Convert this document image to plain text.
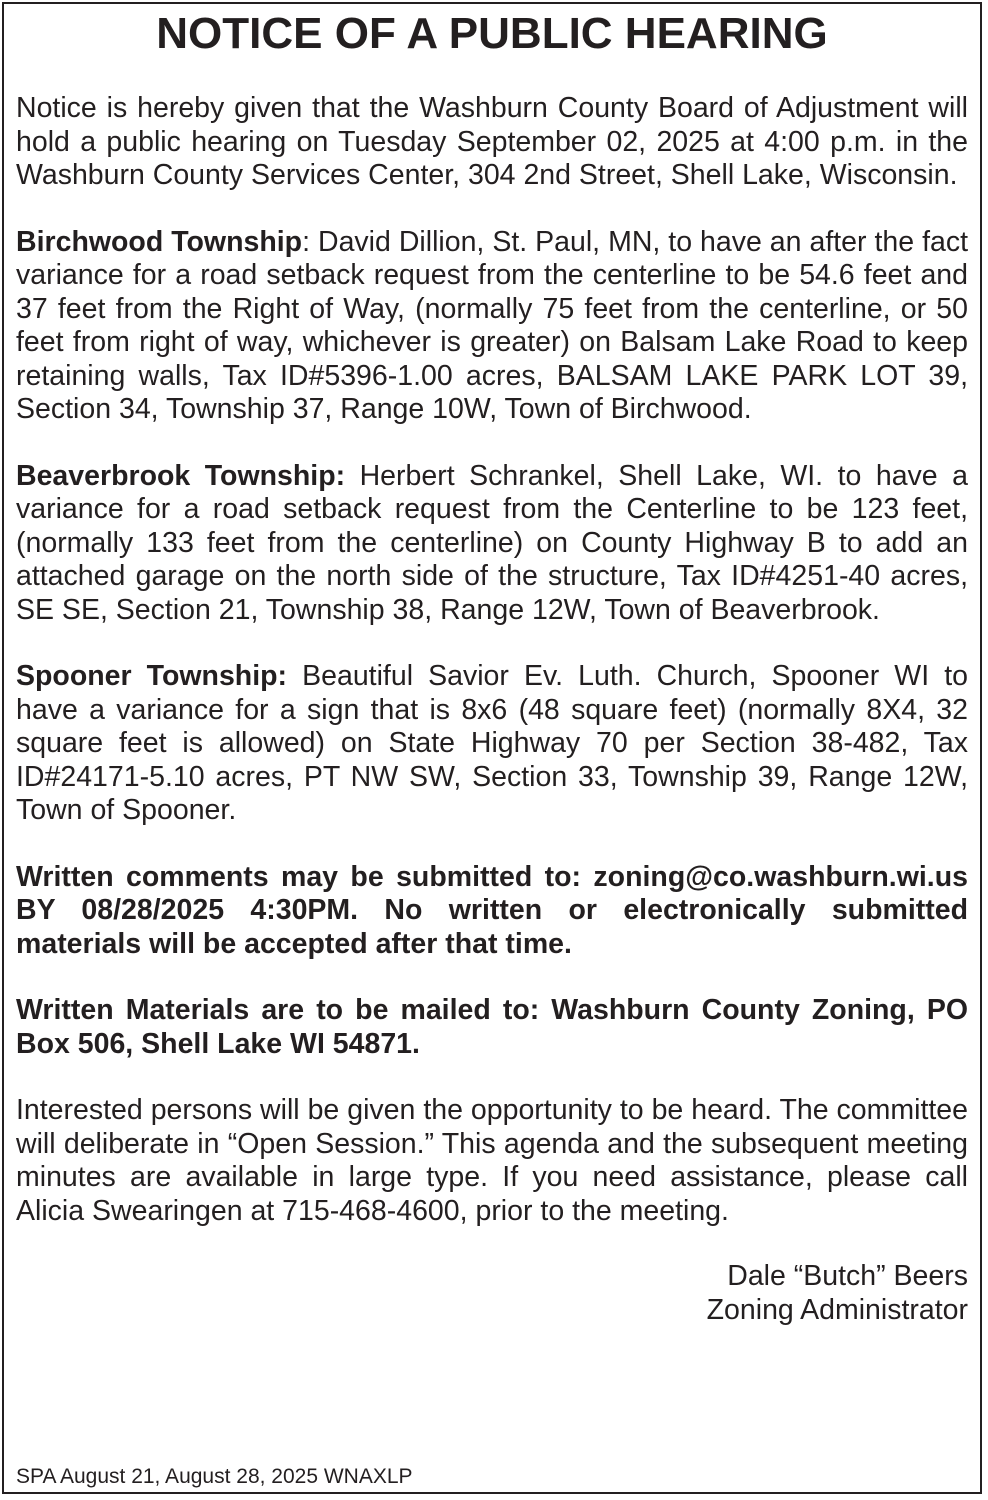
NOTICE OF A PUBLIC HEARING

Notice is hereby given that the Washburn County Board of Adjustment will hold a public hearing on Tuesday September 02, 2025 at 4:00 p.m. in the Washburn County Services Center, 304 2nd Street, Shell Lake, Wisconsin.

Birchwood Township: David Dillion, St. Paul, MN, to have an after the fact variance for a road setback request from the centerline to be 54.6 feet and 37 feet from the Right of Way, (normally 75 feet from the centerline, or 50 feet from right of way, whichever is greater) on Balsam Lake Road to keep retaining walls, Tax ID#5396-1.00 acres, BALSAM LAKE PARK LOT 39, Section 34, Township 37, Range 10W, Town of Birchwood.

Beaverbrook Township: Herbert Schrankel, Shell Lake, WI. to have a variance for a road setback request from the Centerline to be 123 feet, (normally 133 feet from the centerline) on County Highway B to add an attached garage on the north side of the structure, Tax ID#4251-40 acres, SE SE, Section 21, Township 38, Range 12W, Town of Beaverbrook.

Spooner Township: Beautiful Savior Ev. Luth. Church, Spooner WI to have a variance for a sign that is 8x6 (48 square feet) (normally 8X4, 32 square feet is allowed) on State Highway 70 per Section 38-482, Tax ID#24171-5.10 acres, PT NW SW, Section 33, Township 39, Range 12W, Town of Spooner.

Written comments may be submitted to: zoning@co.washburn.wi.us BY 08/28/2025 4:30PM. No written or electronically submitted materials will be accepted after that time.

Written Materials are to be mailed to: Washburn County Zoning, PO Box 506, Shell Lake WI 54871.

Interested persons will be given the opportunity to be heard. The committee will deliberate in “Open Session.” This agenda and the subsequent meeting minutes are available in large type. If you need assistance, please call Alicia Swearingen at 715-468-4600, prior to the meeting.

Dale “Butch” Beers
Zoning Administrator
SPA August 21, August 28, 2025 WNAXLP
